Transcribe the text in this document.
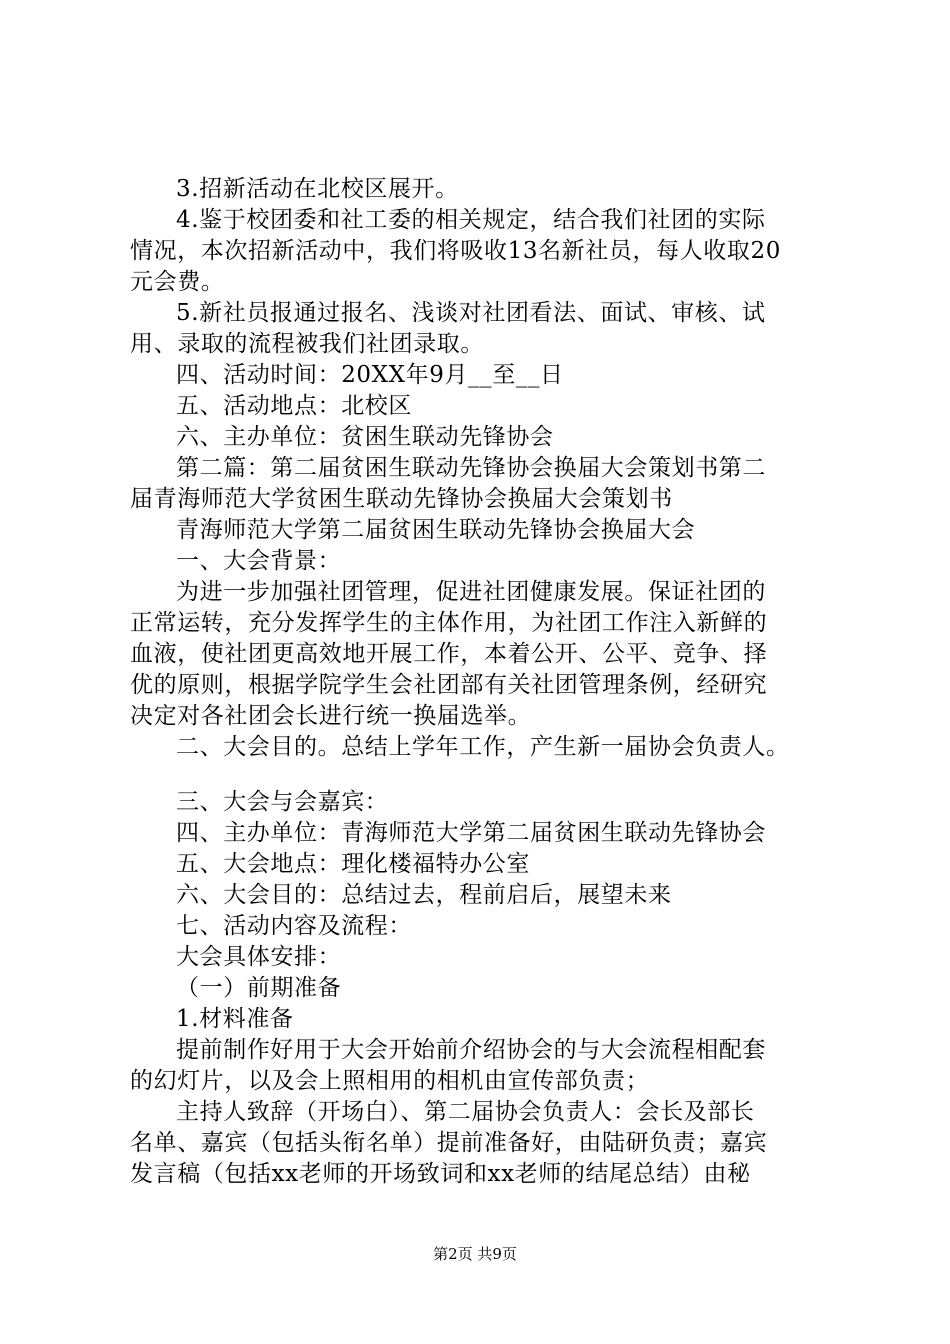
3.招新活动在北校区展开。
4.鉴于校团委和社工委的相关规定，结合我们社团的实际
情况，本次招新活动中，我们将吸收13名新社员，每人收取20
元会费。
5.新社员报通过报名、浅谈对社团看法、面试、审核、试
用、录取的流程被我们社团录取。
四、活动时间：20XX年9月__至__日
五、活动地点：北校区
六、主办单位：贫困生联动先锋协会
第二篇：第二届贫困生联动先锋协会换届大会策划书第二
届青海师范大学贫困生联动先锋协会换届大会策划书
青海师范大学第二届贫困生联动先锋协会换届大会
一、大会背景：
为进一步加强社团管理，促进社团健康发展。保证社团的
正常运转，充分发挥学生的主体作用，为社团工作注入新鲜的
血液，使社团更高效地开展工作，本着公开、公平、竞争、择
优的原则，根据学院学生会社团部有关社团管理条例，经研究
决定对各社团会长进行统一换届选举。
二、大会目的。总结上学年工作，产生新一届协会负责人。
三、大会与会嘉宾：
四、主办单位：青海师范大学第二届贫困生联动先锋协会
五、大会地点：理化楼福特办公室
六、大会目的：总结过去，程前启后，展望未来
七、活动内容及流程：
大会具体安排：
（一）前期准备
1.材料准备
提前制作好用于大会开始前介绍协会的与大会流程相配套
的幻灯片，以及会上照相用的相机由宣传部负责；
主持人致辞（开场白）、第二届协会负责人：会长及部长
名单、嘉宾（包括头衔名单）提前准备好，由陆研负责；嘉宾
发言稿（包括xx老师的开场致词和xx老师的结尾总结）由秘
第2页 共9页
